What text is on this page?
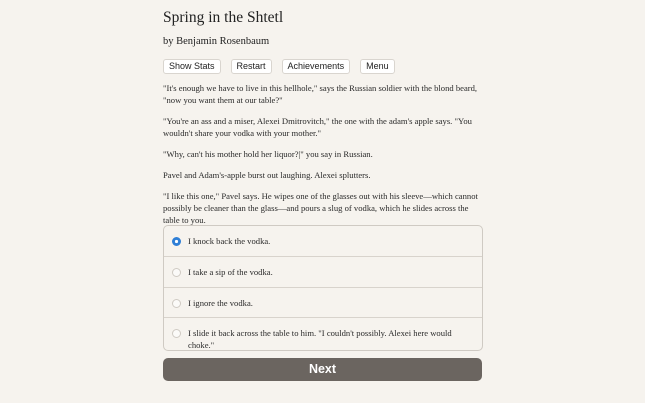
Spring in the Shtetl
by Benjamin Rosenbaum
Show Stats	Restart	Achievements	Menu

"It's enough we have to live in this hellhole," says the Russian soldier with the blond beard, "now you want them at our table?"

"You're an ass and a miser, Alexei Dmitrovitch," the one with the adam's apple says. "You wouldn't share your vodka with your mother."

"Why, can't his mother hold her liquor?|" you say in Russian.

Pavel and Adam's-apple burst out laughing. Alexei splutters.

"I like this one," Pavel says. He wipes one of the glasses out with his sleeve—which cannot possibly be cleaner than the glass—and pours a slug of vodka, which he slides across the table to you.

I knock back the vodka.
I take a sip of the vodka.
I ignore the vodka.
I slide it back across the table to him. "I couldn't possibly. Alexei here would choke."
Next
